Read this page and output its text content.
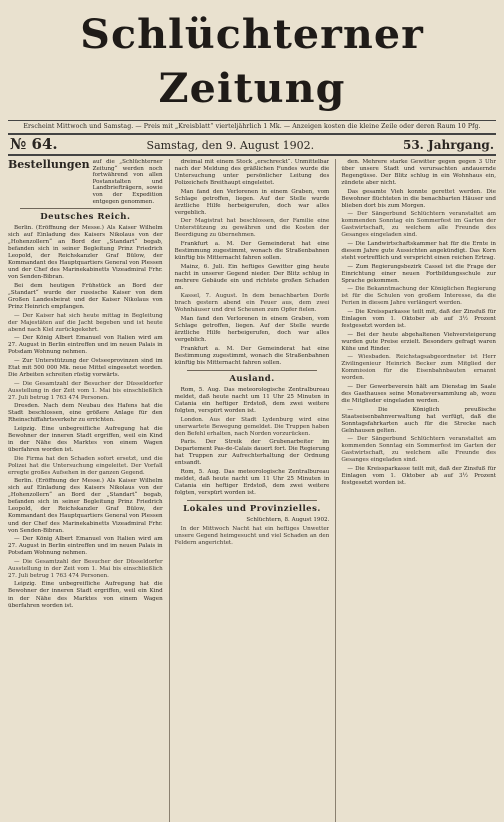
Schlüchterner Zeitung
Erscheint Mittwoch und Samstag. — Preis mit „Kreisblatt“ vierteljährlich 1 Mk. — Anzeigen kosten die kleine Zeile oder deren Raum 10 Pfg.
№ 64.	Samstag, den 9. August 1902.	53. Jahrgang.
Bestellungen auf die „Schlüchterner Zeitung“ werden noch fortwährend von allen Postanstalten und Landbriefträgern, sowie von der Expedition entgegen genommen.
Deutsches Reich.

Berlin. (Eröffnung der Messe.) Als Kaiser Wilhelm sich auf Einladung des Kaisers Nikolaus von der „Hohenzollern“ an Bord der „Standart“ begab, befanden sich in seiner Begleitung Prinz Friedrich Leopold, der Reichskanzler Graf Bülow, der Kommandant des Hauptquartiers General von Plessen und der Chef des Marinekabinetts Vizeadmiral Frhr. von Senden-Bibran.

Bei dem heutigen Frühstück an Bord der „Standart“ wurde der russische Kaiser von dem Großen Landesbeirat und der Kaiser Nikolaus von Prinz Heinrich empfangen.

— Der Kaiser hat sich heute mittag in Begleitung der Majestäten auf die Jacht begeben und ist heute abend nach Kiel zurückgekehrt.

— Der König Albert Emanuel von Italien wird am 27. August in Berlin eintreffen und im neuen Palais in Potsdam Wohnung nehmen.

— Zur Unterstützung der Ostseeprovinzen sind im Etat mit 500 000 Mk. neue Mittel eingesetzt worden. Die Arbeiten schreiten rüstig vorwärts.

— Die Gesamtzahl der Besucher der Düsseldorfer Ausstellung in der Zeit vom 1. Mai bis einschließlich 27. Juli betrug 1 763 474 Personen.

Dresden. Nach dem Neubau des Hafens hat die Stadt beschlossen, eine größere Anlage für den Rheinschiffahrtsverkehr zu errichten.

Leipzig. Eine unbegreifliche Aufregung hat die Bewohner der inneren Stadt ergriffen, weil ein Kind in der Nähe des Marktes von einem Wagen überfahren worden ist.

Die Firma hat den Schaden sofort ersetzt, und die Polizei hat die Untersuchung eingeleitet. Der Vorfall erregte großes Aufsehen in der ganzen Gegend.

Berlin. (Eröffnung der Messe.) Als Kaiser Wilhelm sich auf Einladung des Kaisers Nikolaus von der „Hohenzollern“ an Bord der „Standart“ begab, befanden sich in seiner Begleitung Prinz Friedrich Leopold, der Reichskanzler Graf Bülow, der Kommandant des Hauptquartiers General von Plessen und der Chef des Marinekabinetts Vizeadmiral Frhr. von Senden-Bibran.

— Der König Albert Emanuel von Italien wird am 27. August in Berlin eintreffen und im neuen Palais in Potsdam Wohnung nehmen.

— Die Gesamtzahl der Besucher der Düsseldorfer Ausstellung in der Zeit vom 1. Mai bis einschließlich 27. Juli betrug 1 763 474 Personen.

Leipzig. Eine unbegreifliche Aufregung hat die Bewohner der inneren Stadt ergriffen, weil ein Kind in der Nähe des Marktes von einem Wagen überfahren worden ist.

dreimal mit einem Stock „erschreckt“. Unmittelbar nach der Meldung des gräßlichen Fundes wurde die Untersuchung unter persönlicher Leitung des Polizeichefs Breithaupt eingeleitet.

Man fand den Verlorenen in einem Graben, vom Schlage getroffen, liegen. Auf der Stelle wurde ärztliche Hilfe herbeigerufen, doch war alles vergeblich.

Der Magistrat hat beschlossen, der Familie eine Unterstützung zu gewähren und die Kosten der Beerdigung zu übernehmen.

Frankfurt a. M. Der Gemeinderat hat eine Bestimmung zugestimmt, wonach die Straßenbahnen künftig bis Mitternacht fahren sollen.

Mainz, 6. Juli. Ein heftiges Gewitter ging heute nacht in unserer Gegend nieder. Der Blitz schlug in mehrere Gebäude ein und richtete großen Schaden an.

Kassel, 7. August. In dem benachbarten Dorfe brach gestern abend ein Feuer aus, dem zwei Wohnhäuser und drei Scheunen zum Opfer fielen.

Man fand den Verlorenen in einem Graben, vom Schlage getroffen, liegen. Auf der Stelle wurde ärztliche Hilfe herbeigerufen, doch war alles vergeblich.

Frankfurt a. M. Der Gemeinderat hat eine Bestimmung zugestimmt, wonach die Straßenbahnen künftig bis Mitternacht fahren sollen.

Ausland.

Rom, 5. Aug. Das meteorologische Zentralbureau meldet, daß heute nacht um 11 Uhr 25 Minuten in Catania ein heftiger Erdstoß, dem zwei weitere folgten, verspürt worden ist.

London. Aus der Stadt Lydenburg wird eine unerwartete Bewegung gemeldet. Die Truppen haben den Befehl erhalten, nach Norden vorzurücken.

Paris. Der Streik der Grubenarbeiter im Departement Pas-de-Calais dauert fort. Die Regierung hat Truppen zur Aufrechterhaltung der Ordnung entsandt.

Rom, 5. Aug. Das meteorologische Zentralbureau meldet, daß heute nacht um 11 Uhr 25 Minuten in Catania ein heftiger Erdstoß, dem zwei weitere folgten, verspürt worden ist.

Lokales und Provinzielles.

Schlüchtern, 8. August 1902.

In der Mittwoch Nacht hat ein heftiges Unwetter unsere Gegend heimgesucht und viel Schaden an den Feldern angerichtet.

den. Mehrere starke Gewitter gegen gegen 3 Uhr über unsere Stadt und verursachten andauernde Regengüsse. Der Blitz schlug in ein Wohnhaus ein, zündete aber nicht.

Das gesamte Vieh konnte gerettet werden. Die Bewohner flüchteten in die benachbarten Häuser und blieben dort bis zum Morgen.

— Der Sängerbund Schlüchtern veranstaltet am kommenden Sonntag ein Sommerfest im Garten der Gastwirtschaft, zu welchem alle Freunde des Gesanges eingeladen sind.

— Die Landwirtschaftskammer hat für die Ernte in diesem Jahre gute Aussichten angekündigt. Das Korn steht vortrefflich und verspricht einen reichen Ertrag.

— Zum Regierungsbezirk Cassel ist die Frage der Einrichtung einer neuen Fortbildungsschule zur Sprache gekommen.

— Die Bekanntmachung der Königlichen Regierung ist für die Schulen von großem Interesse, da die Ferien in diesem Jahre verlängert werden.

— Die Kreissparkasse teilt mit, daß der Zinsfuß für Einlagen vom 1. Oktober ab auf 3½ Prozent festgesetzt worden ist.

— Bei der heute abgehaltenen Viehversteigerung wurden gute Preise erzielt. Besonders gefragt waren Kühe und Rinder.

— Wiesbaden. Reichstagsabgeordneter ist Herr Zivilingenieur Heinrich Becker zum Mitglied der Kommission für die Eisenbahnbauten ernannt worden.

— Der Gewerbeverein hält am Dienstag im Saale des Gasthauses seine Monatsversammlung ab, wozu die Mitglieder eingeladen werden.

— Die Königlich preußische Staatseisenbahnverwaltung hat verfügt, daß die Sonntagsfahrkarten auch für die Strecke nach Gelnhausen gelten.

— Der Sängerbund Schlüchtern veranstaltet am kommenden Sonntag ein Sommerfest im Garten der Gastwirtschaft, zu welchem alle Freunde des Gesanges eingeladen sind.

— Die Kreissparkasse teilt mit, daß der Zinsfuß für Einlagen vom 1. Oktober ab auf 3½ Prozent festgesetzt worden ist.
